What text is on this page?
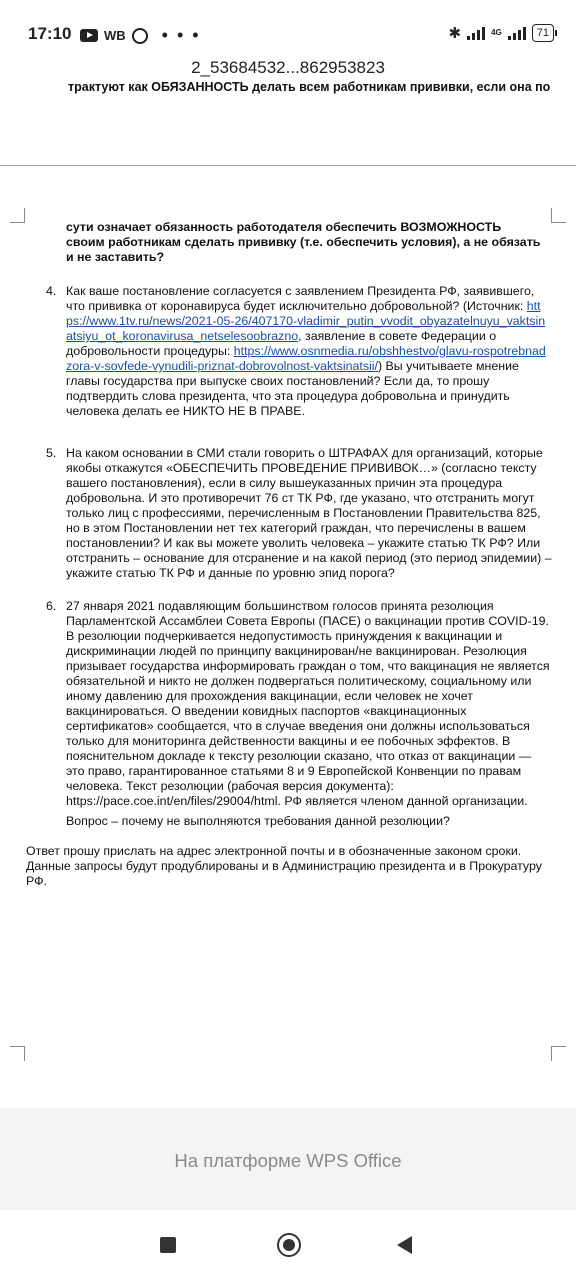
17:10	WB • • •	✱	4G	71
2_53684532...862953823
трактуют как ОБЯЗАННОСТЬ делать всем работникам прививки, если она по
сути означает обязанность работодателя обеспечить ВОЗМОЖНОСТЬ своим работникам сделать прививку (т.е. обеспечить условия), а не обязать и не заставить?
4. Как ваше постановление согласуется с заявлением Президента РФ, заявившего, что прививка от коронавируса будет исключительно добровольной? (Источник: https://www.1tv.ru/news/2021-05-26/407170-vladimir_putin_vvodit_obyazatelnuyu_vaktsinatsiyu_ot_koronavirusa_netselesoobrazno, заявление в совете Федерации о добровольности процедуры: https://www.osnmedia.ru/obshhestvo/glavu-rospotrebnadzora-v-sovfede-vynudili-priznat-dobrovolnost-vaktsinatsii/) Вы учитываете мнение главы государства при выпуске своих постановлений? Если да, то прошу подтвердить слова президента, что эта процедура добровольна и принудить человека делать ее НИКТО НЕ В ПРАВЕ.
5. На каком основании в СМИ стали говорить о ШТРАФАХ для организаций, которые якобы откажутся «ОБЕСПЕЧИТЬ ПРОВЕДЕНИЕ ПРИВИВОК…» (согласно тексту вашего постановления), если в силу вышеуказанных причин эта процедура добровольна. И это противоречит 76 ст ТК РФ, где указано, что отстранить могут только лиц с профессиями, перечисленным в Постановлении Правительства 825, но в этом Постановлении нет тех категорий граждан, что перечислены в вашем постановлении? И как вы можете уволить человека – укажите статью ТК РФ? Или отстранить – основание для отсранение и на какой период (это период эпидемии) – укажите статью ТК РФ и данные по уровню эпид порога?
6. 27 января 2021 подавляющим большинством голосов принята резолюция Парламентской Ассамблеи Совета Европы (ПАСЕ) о вакцинации против COVID-19. В резолюции подчеркивается недопустимость принуждения к вакцинации и дискриминации людей по принципу вакцинирован/не вакцинирован. Резолюция призывает государства информировать граждан о том, что вакцинация не является обязательной и никто не должен подвергаться политическому, социальному или иному давлению для прохождения вакцинации, если человек не хочет вакцинироваться. О введении ковидных паспортов «вакцинационных сертификатов» сообщается, что в случае введения они должны использоваться только для мониторинга действенности вакцины и ее побочных эффектов. В пояснительном докладе к тексту резолюции сказано, что отказ от вакцинации — это право, гарантированное статьями 8 и 9 Европейской Конвенции по правам человека. Текст резолюции (рабочая версия документа): https://pace.coe.int/en/files/29004/html. РФ является членом данной организации.
Вопрос – почему не выполняются требования данной резолюции?
Ответ прошу прислать на адрес электронной почты и в обозначенные законом сроки. Данные запросы будут продублированы и в Администрацию президента и в Прокуратуру РФ.
На платформе WPS Office
